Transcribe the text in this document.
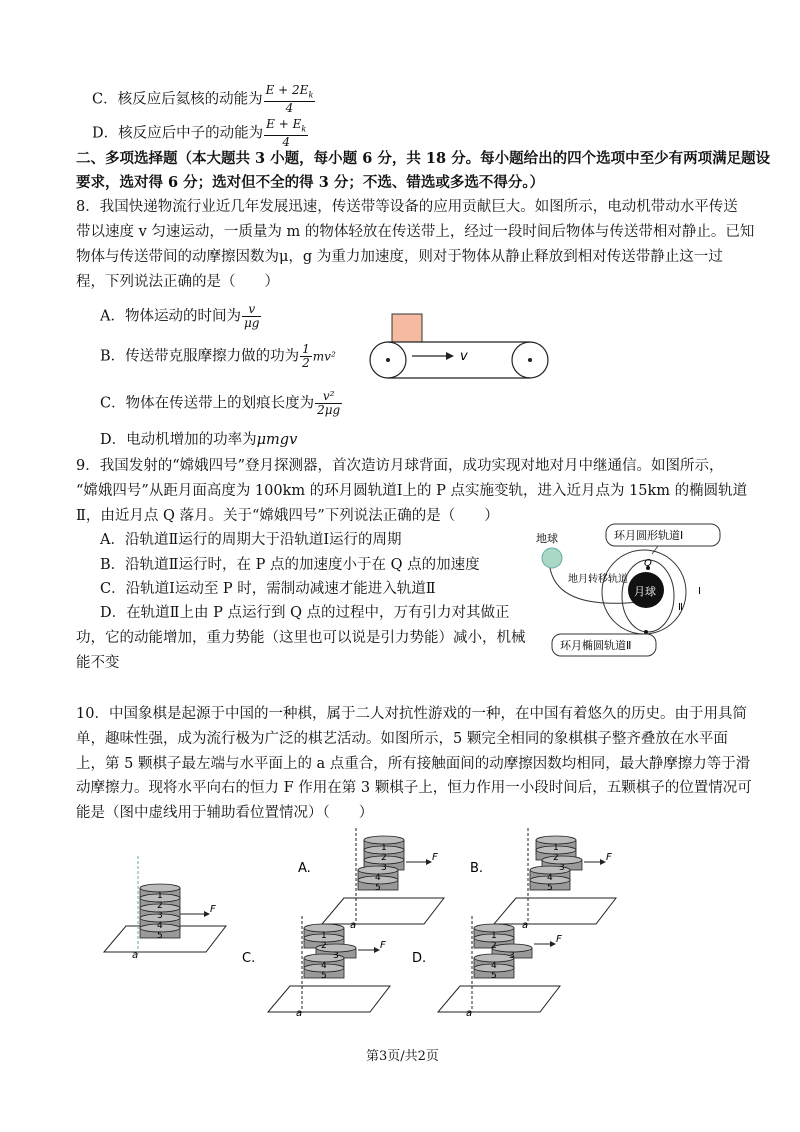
C．核反应后氦核的动能为 $\frac{E + 2E_k}{4}$
D．核反应后中子的动能为 $\frac{E + E_k}{4}$
二、多项选择题（本大题共 3 小题，每小题 6 分，共 18 分。每小题给出的四个选项中至少有两项满足题设
要求，选对得 6 分；选对但不全的得 3 分；不选、错选或多选不得分。）
8．我国快递物流行业近几年发展迅速，传送带等设备的应用贡献巨大。如图所示，电动机带动水平传送
带以速度 v 匀速运动，一质量为 m 的物体轻放在传送带上，经过一段时间后物体与传送带相对静止。已知
物体与传送带间的动摩擦因数为μ，g 为重力加速度，则对于物体从静止释放到相对传送带静止这一过
程，下列说法正确的是（　　）
A．物体运动的时间为 $\frac{v}{\mu g}$
B．传送带克服摩擦力做的功为 $\frac{1}{2} mv^2$
C．物体在传送带上的划痕长度为 $\frac{\text{v²}}{2\mu g}$
D．电动机增加的功率为μmgv
v
9．我国发射的“嫦娥四号”登月探测器，首次造访月球背面，成功实现对地对月中继通信。如图所示，
“嫦娥四号”从距月面高度为 100km 的环月圆轨道Ⅰ上的 P 点实施变轨，进入近月点为 15km 的椭圆轨道
Ⅱ，由近月点 Q 落月。关于“嫦娥四号”下列说法正确的是（　　）
A．沿轨道Ⅱ运行的周期大于沿轨道Ⅰ运行的周期
B．沿轨道Ⅱ运行时，在 P 点的加速度小于在 Q 点的加速度
C．沿轨道Ⅰ运动至 P 时，需制动减速才能进入轨道Ⅱ
D．在轨道Ⅱ上由 P 点运行到 Q 点的过程中，万有引力对其做正
功，它的动能增加，重力势能（这里也可以说是引力势能）减小，机械
能不变
地球
月球
Q
Ⅰ
Ⅱ
环月圆形轨道Ⅰ
地月转移轨道
环月椭圆轨道Ⅱ
10．中国象棋是起源于中国的一种棋，属于二人对抗性游戏的一种，在中国有着悠久的历史。由于用具简
单，趣味性强，成为流行极为广泛的棋艺活动。如图所示，5 颗完全相同的象棋棋子整齐叠放在水平面
上，第 5 颗棋子最左端与水平面上的 a 点重合，所有接触面间的动摩擦因数均相同，最大静摩擦力等于滑
动摩擦力。现将水平向右的恒力 F 作用在第 3 颗棋子上，恒力作用一小段时间后，五颗棋子的位置情况可
能是（图中虚线用于辅助看位置情况）（　　）
1
2
3
4
5
F
a
A.
1
2
3
4
5
F
a
B.
1
2
3
4
5
F
a
C.
1
2
3
4
5
F
a
D.
1
2
3
4
5
F
a
第3页/共2页
